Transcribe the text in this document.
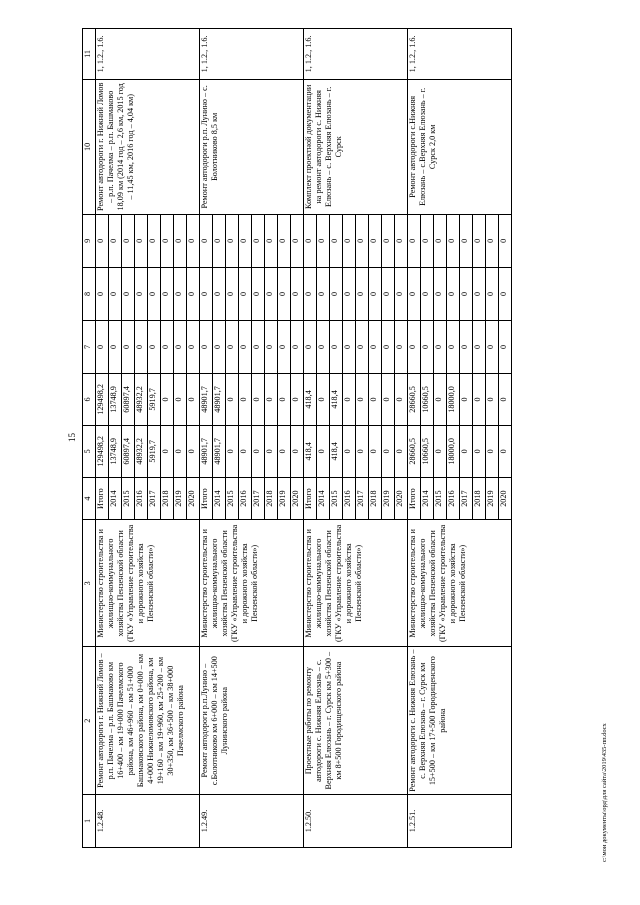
15
c:\мои документы\орд\для сайта\2019\435-пп.docx
1	2	3	4	5	6	7	8	9	10	11
1.2.48.	Ремонт автодороги г. Нижний Ломов – р.п. Пачелма – р.п. Башмаково км 16+400 – км 19+000 Пачелмского района, км 46+960 – км 51+000 Башмаковского района, км 0+000 – км 4+000 Нижнеломовского района, км 19+160 – км 19+960, км 25+200 – км 30+350, км 36+500 – км 38+000 Пачелмского района	Министерство строительства и жилищно-коммунального хозяйства Пензенской области (ГКУ «Управление строительства и дорожного хозяйства Пензенской области»)	Итого	129498,2	129498,2	0	0	0	Ремонт автодороги г. Нижний Ломов – р.п. Пачелма – р.п. Башмаково 18,09 км (2014 год – 2,6 км, 2015 год – 11,45 км, 2016 год – 4,04 км)	1, 1.2., 1.6.
			2014	13748,9	13748,9	0	0	0		
			2015	60897,4	60897,4	0	0	0		
			2016	48932,2	48932,2	0	0	0		
			2017	5919,7	5919,7	0	0	0		
			2018	0	0	0	0	0		
			2019	0	0	0	0	0		
			2020	0	0	0	0	0		
1.2.49.	Ремонт автодороги р.п.Лунино – с.Болотниково км 6+000 – км 14+500 Лунинского района	Министерство строительства и жилищно-коммунального хозяйства Пензенской области (ГКУ «Управление строительства и дорожного хозяйства Пензенской области»)	Итого	48901,7	48901,7	0	0	0	Ремонт автодороги р.п. Лунино – с. Болотниково 8,5 км	1, 1.2., 1.6.
			2014	48901,7	48901,7	0	0	0		
			2015	0	0	0	0	0		
			2016	0	0	0	0	0		
			2017	0	0	0	0	0		
			2018	0	0	0	0	0		
			2019	0	0	0	0	0		
			2020	0	0	0	0	0		
1.2.50.	Проектные работы по ремонту автодороги с. Нижняя Елюзань – с. Верхняя Елюзань – г. Сурск км 5+300 – км 8+500 Городищенского района	Министерство строительства и жилищно-коммунального хозяйства Пензенской области (ГКУ «Управление строительства и дорожного хозяйства Пензенской области»)	Итого	418,4	418,4	0	0	0	Комплект проектной документации на ремонт автодороги с. Нижняя Елюзань – с. Верхняя Елюзань – г. Сурск	1, 1.2., 1.6.
			2014	0	0	0	0	0		
			2015	418,4	418,4	0	0	0		
			2016	0	0	0	0	0		
			2017	0	0	0	0	0		
			2018	0	0	0	0	0		
			2019	0	0	0	0	0		
			2020	0	0	0	0	0		
1.2.51.	Ремонт автодороги с. Нижняя Елюзань – с. Верхняя Елюзань – г. Сурск км 15+500 – км 17+500 Городищенского района	Министерство строительства и жилищно-коммунального хозяйства Пензенской области (ГКУ «Управление строительства и дорожного хозяйства Пензенской области»)	Итого	28660,5	28660,5	0	0	0	Ремонт автодороги с.Нижняя Елюзань – с.Верхняя Елюзань – г. Сурск 2,0 км	1, 1.2., 1.6.
			2014	10660,5	10660,5	0	0	0		
			2015	0	0	0	0	0		
			2016	18000,0	18000,0	0	0	0		
			2017	0	0	0	0	0		
			2018	0	0	0	0	0		
			2019	0	0	0	0	0		
			2020	0	0	0	0	0		
